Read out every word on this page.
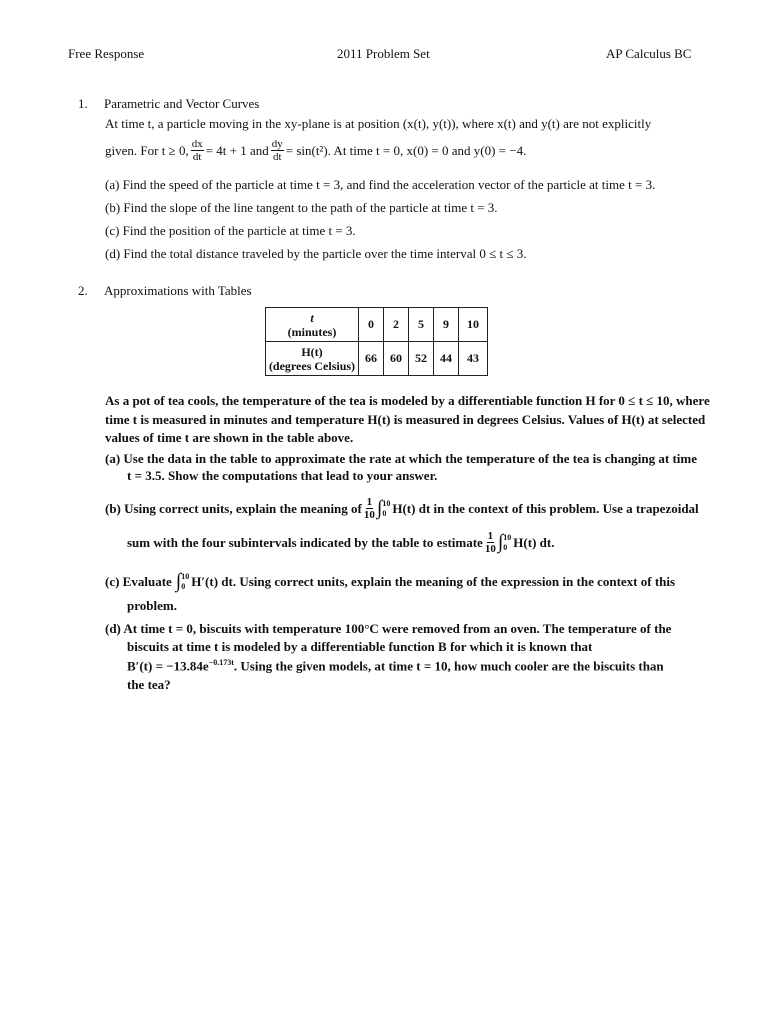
Free Response	2011 Problem Set	AP Calculus BC
1. Parametric and Vector Curves
At time t, a particle moving in the xy-plane is at position (x(t), y(t)), where x(t) and y(t) are not explicitly
given. For t ≥ 0, $\frac{dx}{dt} = 4t + 1$ and $\frac{dy}{dt} = \sin(t^2)$. At time t = 0, x(0) = 0 and y(0) = −4.
(a) Find the speed of the particle at time t = 3, and find the acceleration vector of the particle at time t = 3.
(b) Find the slope of the line tangent to the path of the particle at time t = 3.
(c) Find the position of the particle at time t = 3.
(d) Find the total distance traveled by the particle over the time interval 0 ≤ t ≤ 3.
2. Approximations with Tables
t
(minutes)	0	2	5	9	10

H(t)
(degrees Celsius)	66	60	52	44	43
As a pot of tea cools, the temperature of the tea is modeled by a differentiable function H for 0 ≤ t ≤ 10, where
time t is measured in minutes and temperature H(t) is measured in degrees Celsius. Values of H(t) at selected
values of time t are shown in the table above.
(a) Use the data in the table to approximate the rate at which the temperature of the tea is changing at time
t = 3.5. Show the computations that lead to your answer.
(b) Using correct units, explain the meaning of $\frac{1}{10}$ ∫ 10
0 H(t) dt in the context of this problem. Use a trapezoidal
sum with the four subintervals indicated by the table to estimate $\frac{1}{10}$ ∫ 10
0 H(t) dt.
(c) Evaluate ∫ 10
0 H′(t) dt. Using correct units, explain the meaning of the expression in the context of this
problem.
(d) At time t = 0, biscuits with temperature 100°C were removed from an oven. The temperature of the
biscuits at time t is modeled by a differentiable function B for which it is known that
$B'(t) = -13.84e^{-0.173t}$. Using the given models, at time t = 10, how much cooler are the biscuits than
the tea?
